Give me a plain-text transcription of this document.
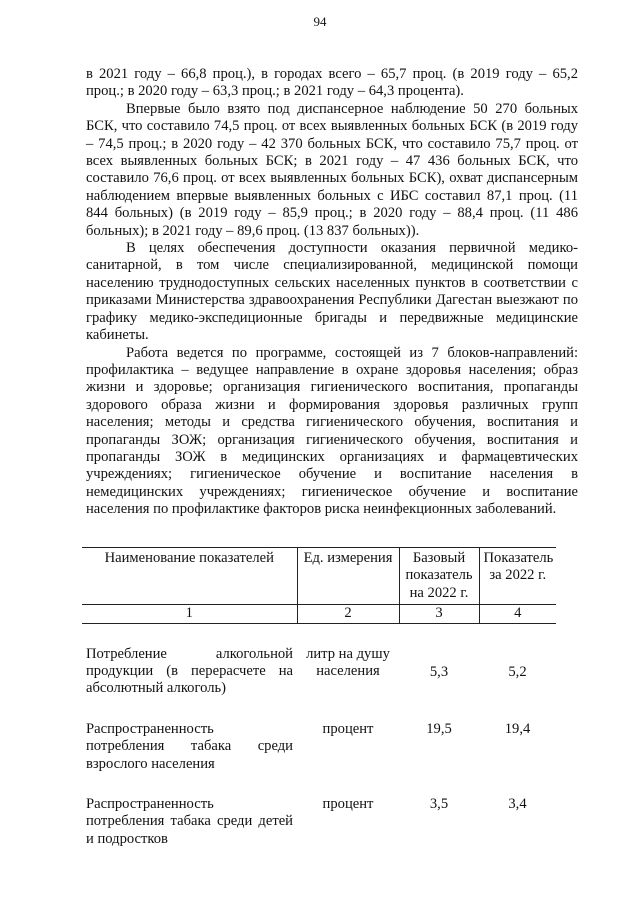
94

в 2021 году – 66,8 проц.), в городах всего – 65,7 проц. (в 2019 году – 65,2 проц.; в 2020 году – 63,3 проц.; в 2021 году – 64,3 процента).

Впервые было взято под диспансерное наблюдение 50 270 больных БСК, что составило 74,5 проц. от всех выявленных больных БСК (в 2019 году – 74,5 проц.; в 2020 году – 42 370 больных БСК, что составило 75,7 проц. от всех выявленных больных БСК; в 2021 году – 47 436 больных БСК, что составило 76,6 проц. от всех выявленных больных БСК), охват диспансерным наблюдением впервые выявленных больных с ИБС составил 87,1 проц. (11 844 больных) (в 2019 году – 85,9 проц.; в 2020 году – 88,4 проц. (11 486 больных); в 2021 году – 89,6 проц. (13 837 больных)).

В целях обеспечения доступности оказания первичной медико-санитарной, в том числе специализированной, медицинской помощи населению труднодоступных сельских населенных пунктов в соответствии с приказами Министерства здравоохранения Республики Дагестан выезжают по графику медико-экспедиционные бригады и передвижные медицинские кабинеты.

Работа ведется по программе, состоящей из 7 блоков-направлений: профилактика – ведущее направление в охране здоровья населения; образ жизни и здоровье; организация гигиенического воспитания, пропаганды здорового образа жизни и формирования здоровья различных групп населения; методы и средства гигиенического обучения, воспитания и пропаганды ЗОЖ; организация гигиенического обучения, воспитания и пропаганды ЗОЖ в медицинских организациях и фармацевтических учреждениях; гигиеническое обучение и воспитание населения в немедицинских учреждениях; гигиеническое обучение и воспитание населения по профилактике факторов риска неинфекционных заболеваний.

Наименование показателей	Ед. измерения	Базовый показатель на 2022 г.	Показатель за 2022 г.
1	2	3	4

Потребление алкогольной продукции (в перерасчете на абсолютный алкоголь)	литр на душу населения	5,3	5,2
Распространенность потребления табака среди взрослого населения	процент	19,5	19,4
Распространенность потребления табака среди детей и подростков	процент	3,5	3,4
